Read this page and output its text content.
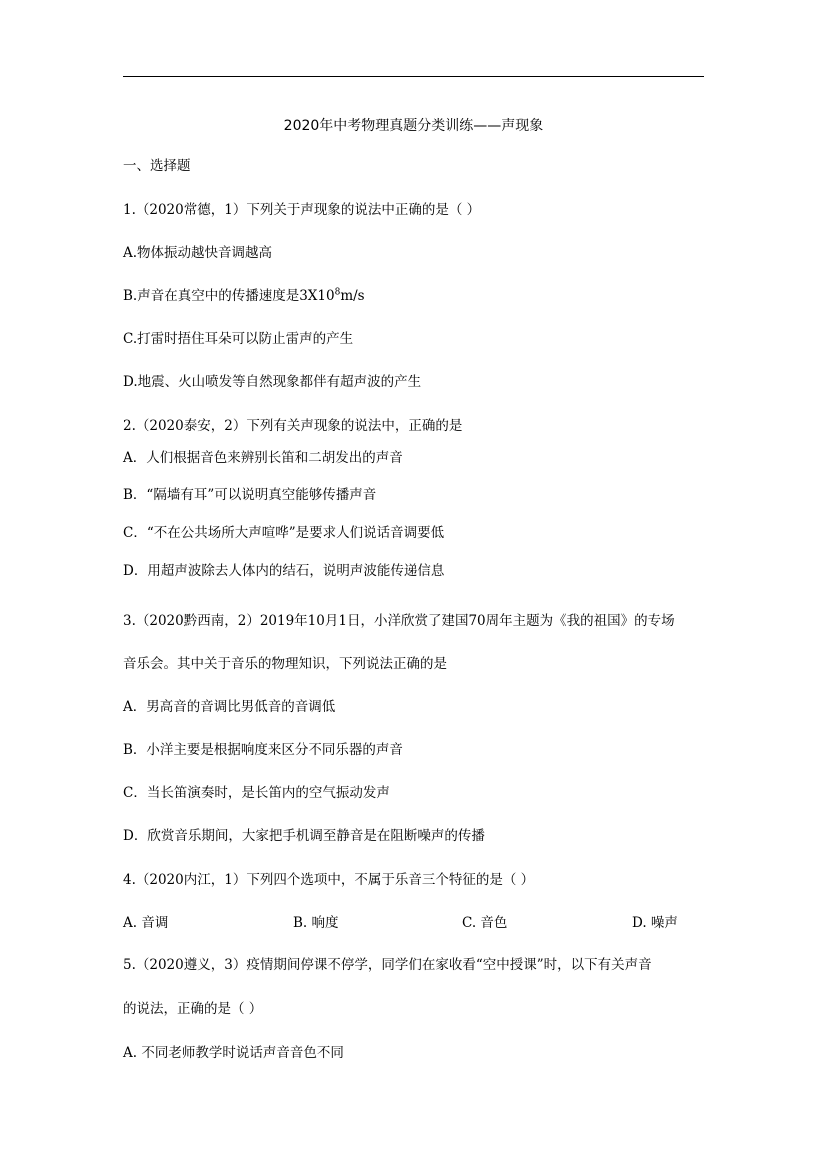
2020年中考物理真题分类训练——声现象
一、选择题
1.（2020常德，1）下列关于声现象的说法中正确的是（ ）
A.物体振动越快音调越高
B.声音在真空中的传播速度是$3X10^8m/s$
C.打雷时捂住耳朵可以防止雷声的产生
D.地震、火山喷发等自然现象都伴有超声波的产生
2.（2020泰安，2）下列有关声现象的说法中，正确的是
A．人们根据音色来辨别长笛和二胡发出的声音
B．“隔墙有耳”可以说明真空能够传播声音
C．“不在公共场所大声喧哗”是要求人们说话音调要低
D．用超声波除去人体内的结石，说明声波能传递信息
3.（2020黔西南，2）2019年10月1日，小洋欣赏了建国70周年主题为《我的祖国》的专场
音乐会。其中关于音乐的物理知识，下列说法正确的是
A．男高音的音调比男低音的音调低
B．小洋主要是根据响度来区分不同乐器的声音
C．当长笛演奏时，是长笛内的空气振动发声
D．欣赏音乐期间，大家把手机调至静音是在阻断噪声的传播
4.（2020内江，1）下列四个选项中，不属于乐音三个特征的是（ ）
A. 音调	B. 响度	C. 音色	D. 噪声
5.（2020遵义，3）疫情期间停课不停学，同学们在家收看“空中授课”时，以下有关声音
的说法，正确的是（ ）
A. 不同老师教学时说话声音音色不同
